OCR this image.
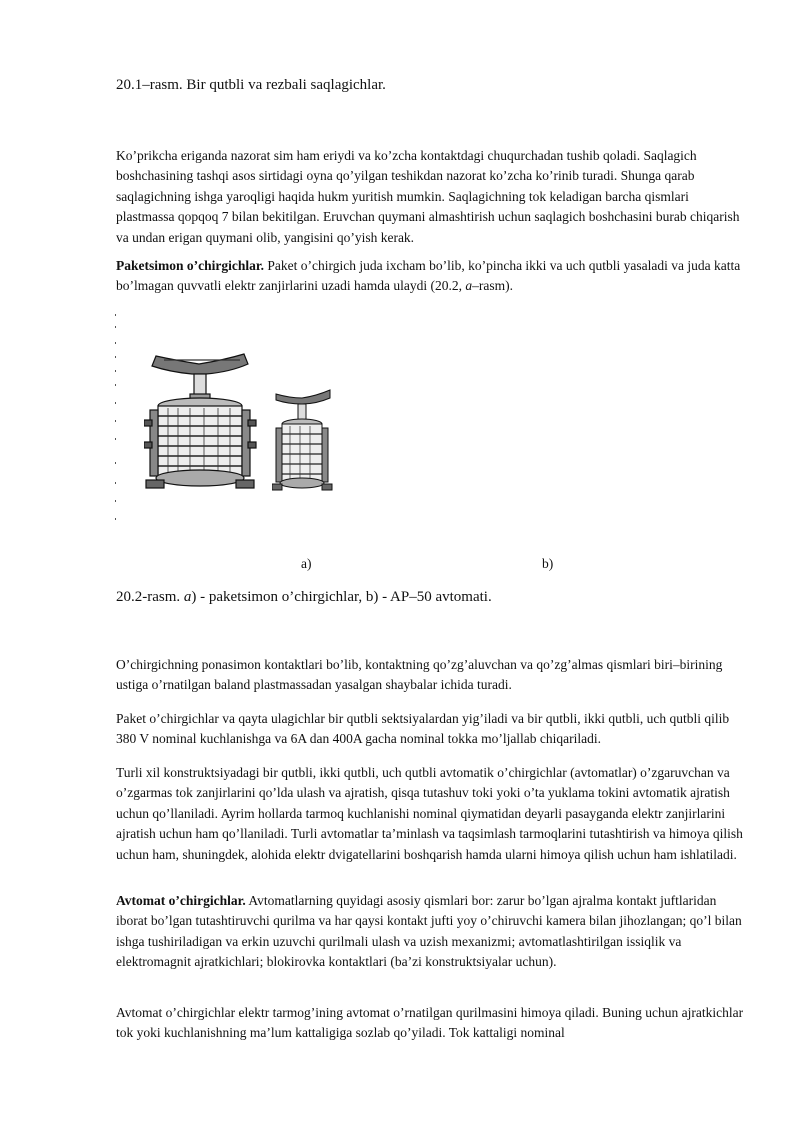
20.1–rasm. Bir qutbli va rezbali saqlagichlar.

Ko’prikcha eriganda nazorat sim ham eriydi va ko’zcha kontaktdagi chuqurchadan tushib qoladi. Saqlagich boshchasining tashqi asos sirtidagi oyna qo’yilgan teshikdan nazorat ko’zcha ko’rinib turadi. Shunga qarab saqlagichning ishga yaroqligi haqida hukm yuritish mumkin. Saqlagichning tok keladigan barcha qismlari plastmassa qopqoq 7 bilan bekitilgan. Eruvchan quymani almashtirish uchun saqlagich boshchasini burab chiqarish va undan erigan quymani olib, yangisini qo’yish kerak.

Paketsimon o’chirgichlar. Paket o’chirgich juda ixcham bo’lib, ko’pincha ikki va uch qutbli yasaladi va juda katta bo’lmagan quvvatli elektr zanjirlarini uzadi hamda ulaydi (20.2, a–rasm).

a)	b)
20.2-rasm. a) - paketsimon o’chirgichlar, b) - AP–50 avtomati.

O’chirgichning ponasimon kontaktlari bo’lib, kontaktning qo’zg’aluvchan va qo’zg’almas qismlari biri–birining ustiga o’rnatilgan baland plastmassadan yasalgan shaybalar ichida turadi.

Paket o’chirgichlar va qayta ulagichlar bir qutbli sektsiyalardan yig’iladi va bir qutbli, ikki qutbli, uch qutbli qilib 380 V nominal kuchlanishga va 6A dan 400A gacha nominal tokka mo’ljallab chiqariladi.

Turli xil konstruktsiyadagi bir qutbli, ikki qutbli, uch qutbli avtomatik o’chirgichlar (avtomatlar) o’zgaruvchan va o’zgarmas tok zanjirlarini qo’lda ulash va ajratish, qisqa tutashuv toki yoki o’ta yuklama tokini avtomatik ajratish uchun qo’llaniladi. Ayrim hollarda tarmoq kuchlanishi nominal qiymatidan deyarli pasayganda elektr zanjirlarini ajratish uchun ham qo’llaniladi. Turli avtomatlar ta’minlash va taqsimlash tarmoqlarini tutashtirish va himoya qilish uchun ham, shuningdek, alohida elektr dvigatellarini boshqarish hamda ularni himoya qilish uchun ham ishlatiladi.

Avtomat o’chirgichlar. Avtomatlarning quyidagi asosiy qismlari bor: zarur bo’lgan ajralma kontakt juftlaridan iborat bo’lgan tutashtiruvchi qurilma va har qaysi kontakt jufti yoy o’chiruvchi kamera bilan jihozlangan; qo’l bilan ishga tushiriladigan va erkin uzuvchi qurilmali ulash va uzish mexanizmi; avtomatlashtirilgan issiqlik va elektromagnit ajratkichlari; blokirovka kontaktlari (ba’zi konstruktsiyalar uchun).

Avtomat o’chirgichlar elektr tarmog’ining avtomat o’rnatilgan qurilmasini himoya qiladi. Buning uchun ajratkichlar tok yoki kuchlanishning ma’lum kattaligiga sozlab qo’yiladi. Tok kattaligi nominal
